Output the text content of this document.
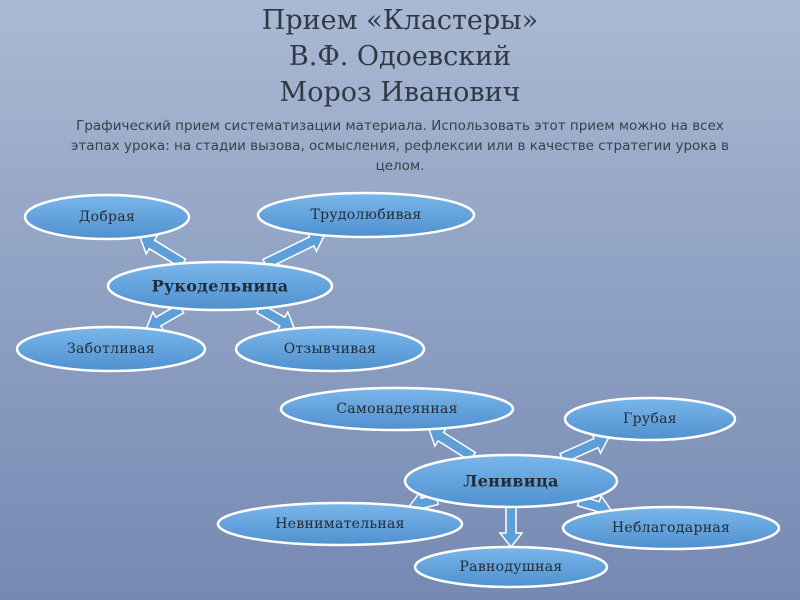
Прием «Кластеры»
В.Ф. Одоевский
Мороз Иванович
Графический прием систематизации материала. Использовать этот прием можно на всех этапах урока: на стадии вызова, осмысления, рефлексии или в качестве стратегии урока в целом.
Добрая	Трудолюбивая
Заботливая	Отзывчивая
Рукодельница
Самонадеянная
Грубая
Невнимательная	Неблагодарная
Равнодушная
Ленивица
